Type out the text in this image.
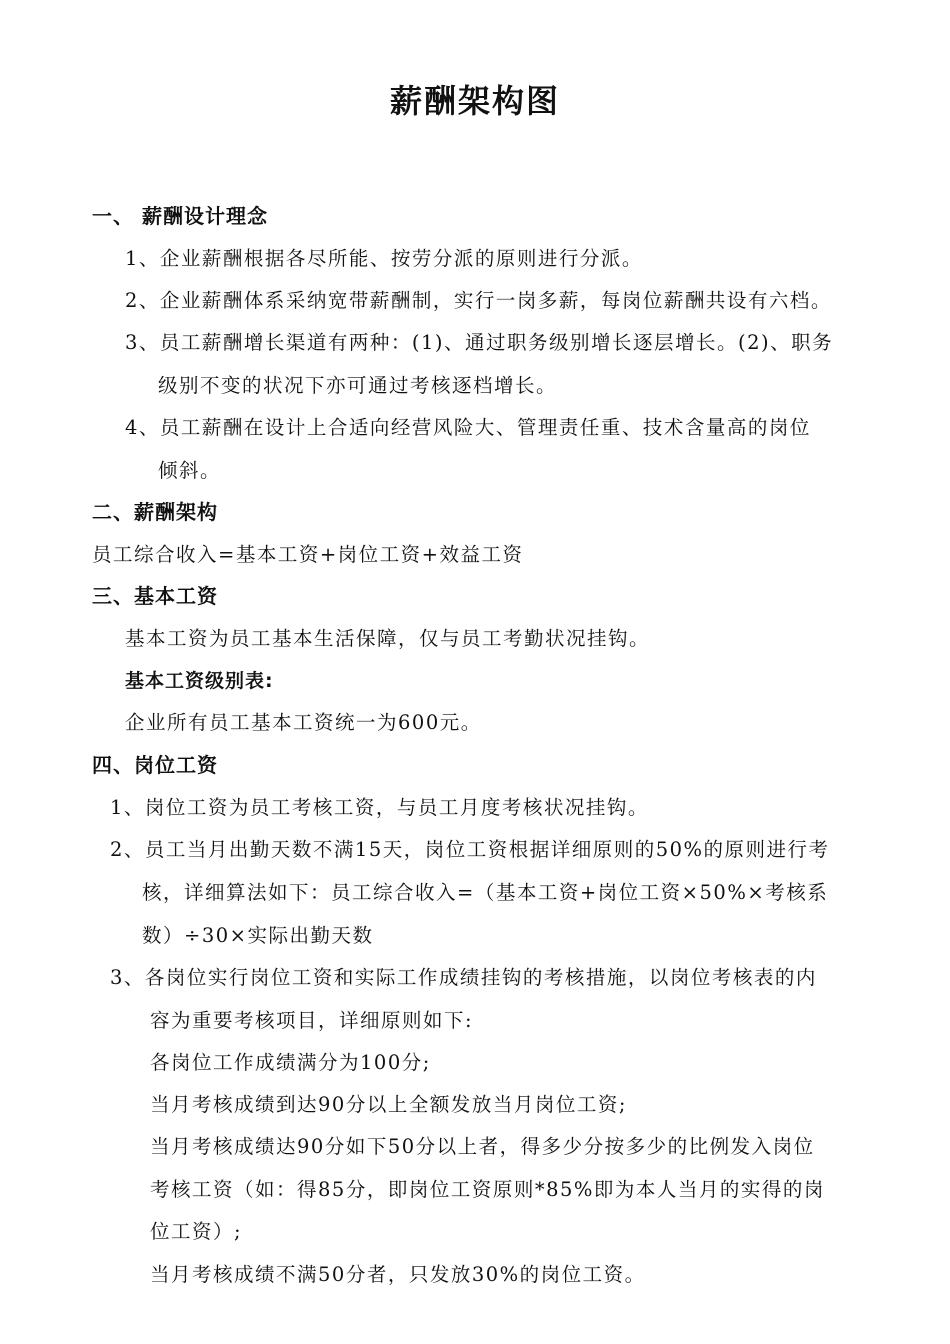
薪酬架构图
一、 薪酬设计理念
1、企业薪酬根据各尽所能、按劳分派的原则进行分派。
2、企业薪酬体系采纳宽带薪酬制，实行一岗多薪，每岗位薪酬共设有六档。
3、员工薪酬增长渠道有两种：(1)、通过职务级别增长逐层增长。(2)、职务
级别不变的状况下亦可通过考核逐档增长。
4、员工薪酬在设计上合适向经营风险大、管理责任重、技术含量高的岗位
倾斜。
二、薪酬架构
员工综合收入=基本工资+岗位工资+效益工资
三、基本工资
基本工资为员工基本生活保障，仅与员工考勤状况挂钩。
基本工资级别表:
企业所有员工基本工资统一为600元。
四、岗位工资
1、岗位工资为员工考核工资，与员工月度考核状况挂钩。
2、员工当月出勤天数不满15天，岗位工资根据详细原则的50%的原则进行考
核，详细算法如下：员工综合收入=（基本工资+岗位工资×50%×考核系
数）÷30×实际出勤天数
3、各岗位实行岗位工资和实际工作成绩挂钩的考核措施，以岗位考核表的内
容为重要考核项目，详细原则如下:
各岗位工作成绩满分为100分;
当月考核成绩到达90分以上全额发放当月岗位工资;
当月考核成绩达90分如下50分以上者，得多少分按多少的比例发入岗位
考核工资（如：得85分，即岗位工资原则*85%即为本人当月的实得的岗
位工资）;
当月考核成绩不满50分者，只发放30%的岗位工资。
